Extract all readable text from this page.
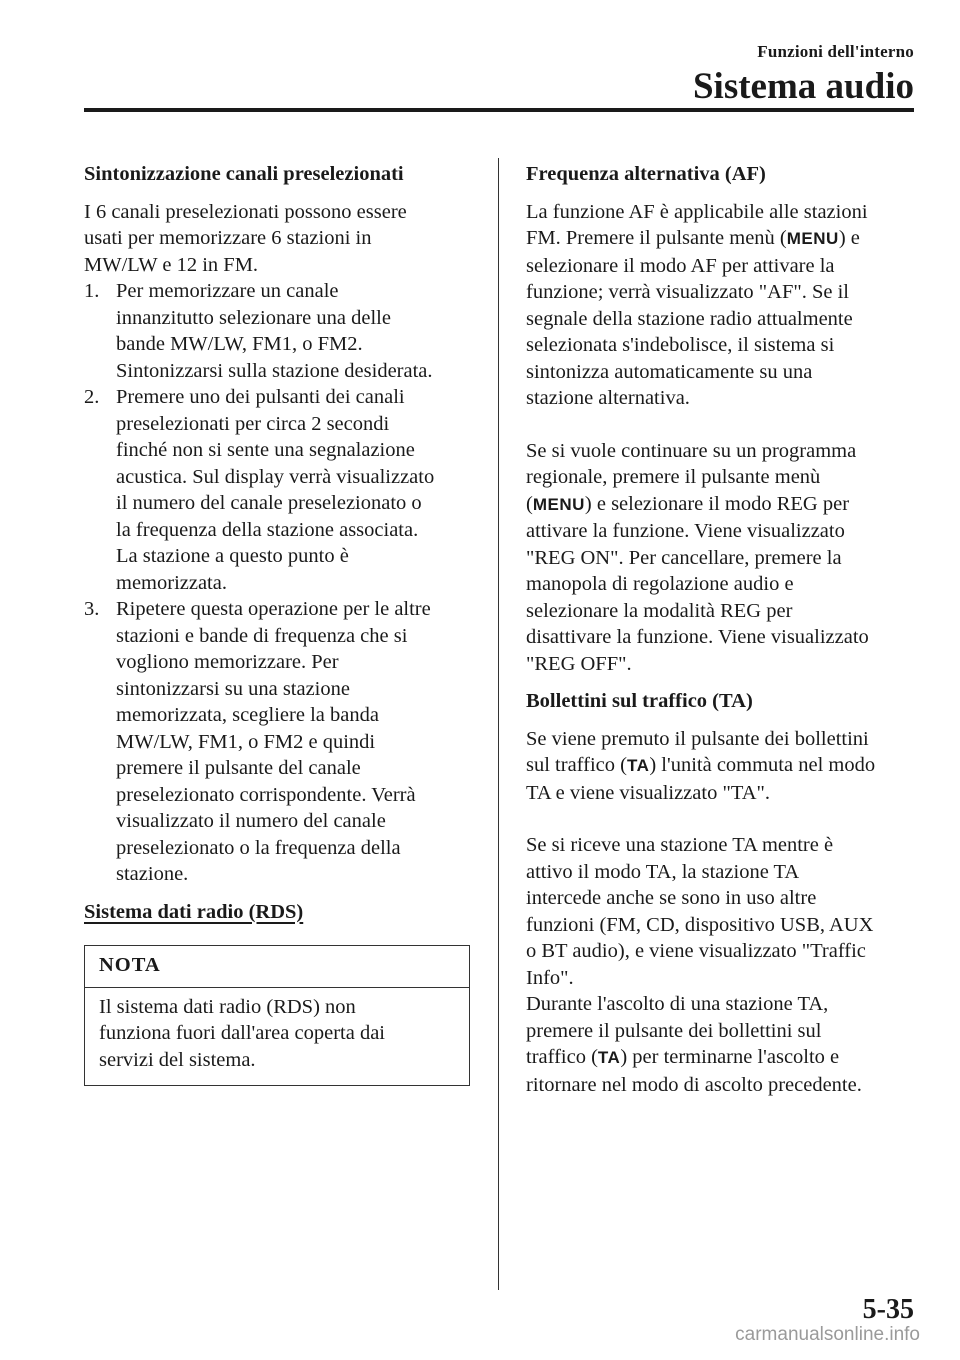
Funzioni dell'interno
Sistema audio
Sintonizzazione canali preselezionati
I 6 canali preselezionati possono essere
usati per memorizzare 6 stazioni in
MW/LW e 12 in FM.
1. Per memorizzare un canale
innanzitutto selezionare una delle
bande MW/LW, FM1, o FM2.
Sintonizzarsi sulla stazione desiderata.
2. Premere uno dei pulsanti dei canali
preselezionati per circa 2 secondi
finché non si sente una segnalazione
acustica. Sul display verrà visualizzato
il numero del canale preselezionato o
la frequenza della stazione associata.
La stazione a questo punto è
memorizzata.
3. Ripetere questa operazione per le altre
stazioni e bande di frequenza che si
vogliono memorizzare. Per
sintonizzarsi su una stazione
memorizzata, scegliere la banda
MW/LW, FM1, o FM2 e quindi
premere il pulsante del canale
preselezionato corrispondente. Verrà
visualizzato il numero del canale
preselezionato o la frequenza della
stazione.
Sistema dati radio (RDS)
NOTA
Il sistema dati radio (RDS) non
funziona fuori dall'area coperta dai
servizi del sistema.
Frequenza alternativa (AF)
La funzione AF è applicabile alle stazioni
FM. Premere il pulsante menù (MENU) e
selezionare il modo AF per attivare la
funzione; verrà visualizzato "AF". Se il
segnale della stazione radio attualmente
selezionata s'indebolisce, il sistema si
sintonizza automaticamente su una
stazione alternativa.
Se si vuole continuare su un programma
regionale, premere il pulsante menù
(MENU) e selezionare il modo REG per
attivare la funzione. Viene visualizzato
"REG ON". Per cancellare, premere la
manopola di regolazione audio e
selezionare la modalità REG per
disattivare la funzione. Viene visualizzato
"REG OFF".
Bollettini sul traffico (TA)
Se viene premuto il pulsante dei bollettini
sul traffico (TA) l'unità commuta nel modo
TA e viene visualizzato "TA".
Se si riceve una stazione TA mentre è
attivo il modo TA, la stazione TA
intercede anche se sono in uso altre
funzioni (FM, CD, dispositivo USB, AUX
o BT audio), e viene visualizzato "Traffic
Info".
Durante l'ascolto di una stazione TA,
premere il pulsante dei bollettini sul
traffico (TA) per terminarne l'ascolto e
ritornare nel modo di ascolto precedente.
5-35
carmanualsonline.info
